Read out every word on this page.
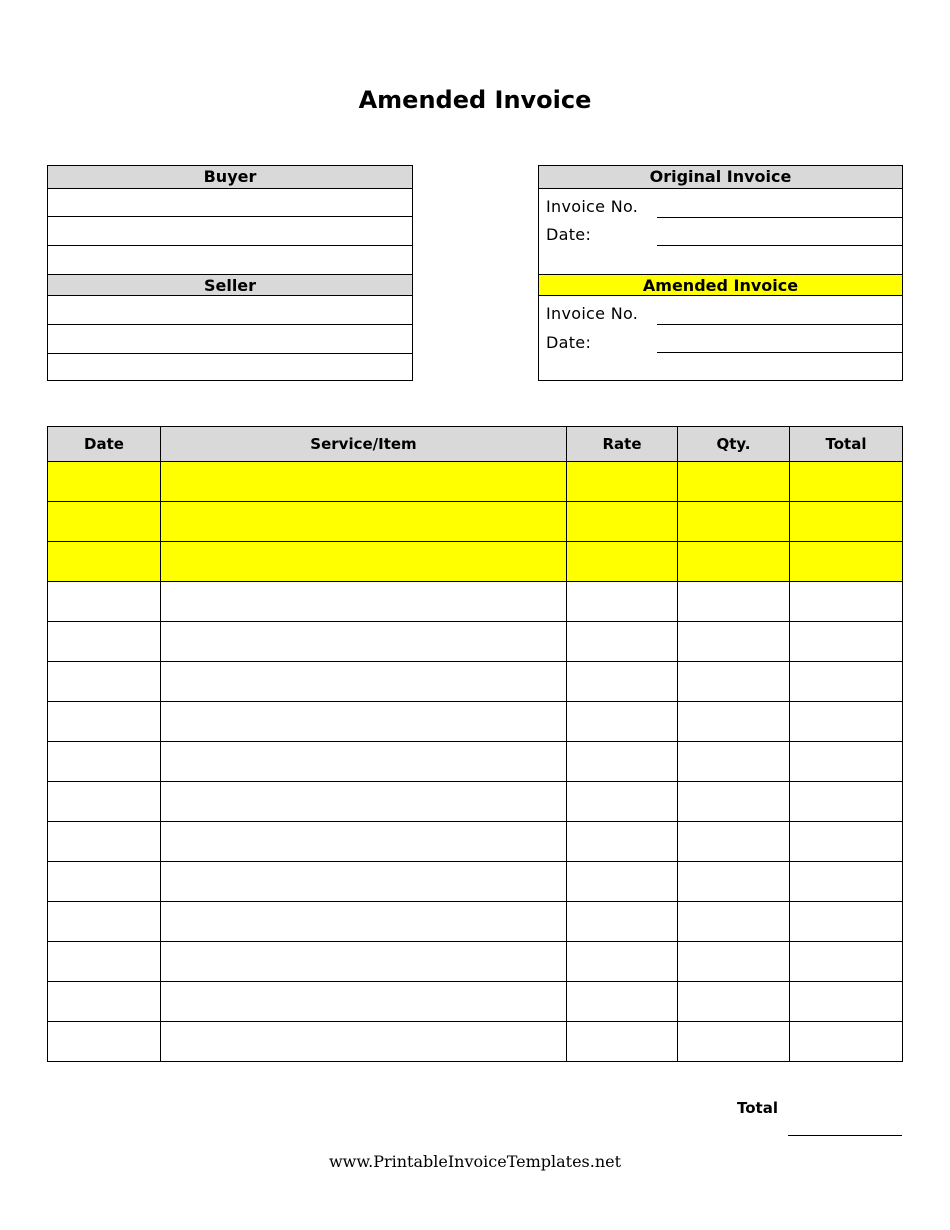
Amended Invoice
Buyer
Seller
Original Invoice
Invoice No.
Date:
Amended Invoice
Invoice No.
Date:
Date	Service/Item	Rate	Qty.	Total

Total
www.PrintableInvoiceTemplates.net
